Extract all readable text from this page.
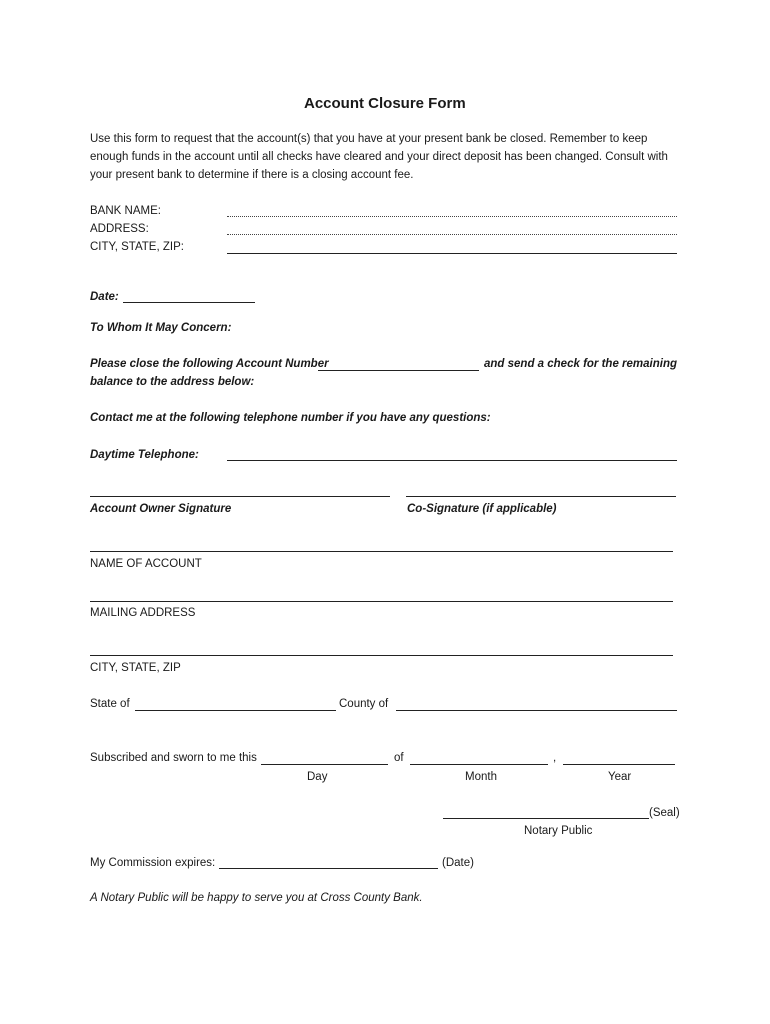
Account Closure Form
Use this form to request that the account(s) that you have at your present bank be closed. Remember to keep
enough funds in the account until all checks have cleared and your direct deposit has been changed. Consult with
your present bank to determine if there is a closing account fee.
BANK NAME:
ADDRESS:
CITY, STATE, ZIP:
Date:
To Whom It May Concern:
Please close the following Account Number	and send a check for the remaining
balance to the address below:
Contact me at the following telephone number if you have any questions:
Daytime Telephone:
Account Owner Signature	Co-Signature (if applicable)
NAME OF ACCOUNT
MAILING ADDRESS
CITY, STATE, ZIP
State of	County of
Subscribed and sworn to me this	of	,
Day	Month	Year
(Seal)
Notary Public
My Commission expires:	(Date)
A Notary Public will be happy to serve you at Cross County Bank.
